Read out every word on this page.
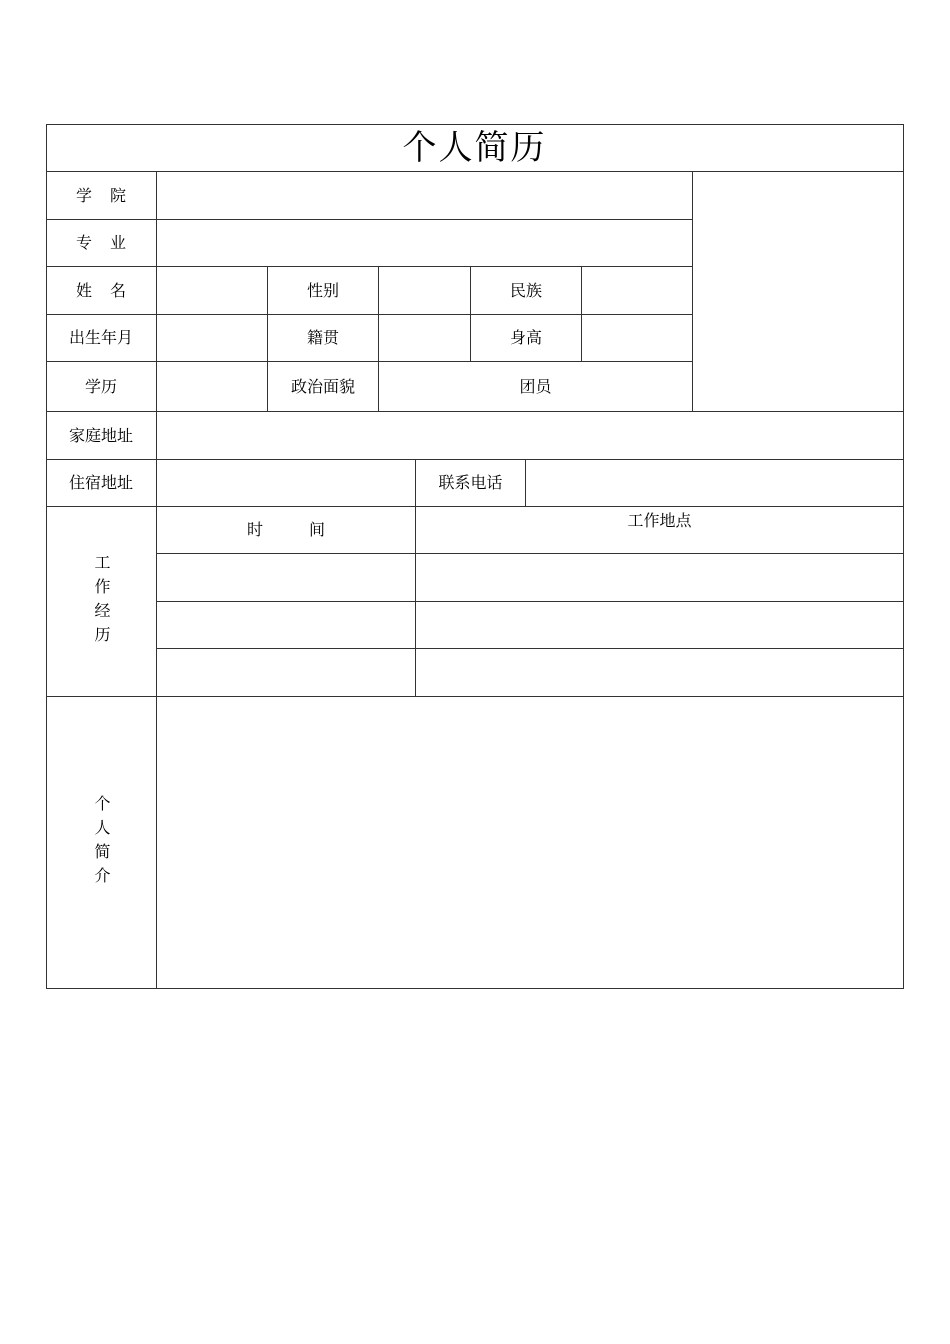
个人简历
学院
专业
姓名	性别	民族
出生年月	籍贯	身高
学历	政治面貌	团员
家庭地址
住宿地址	联系电话
工作经历
时间	工作地点
个人简介
